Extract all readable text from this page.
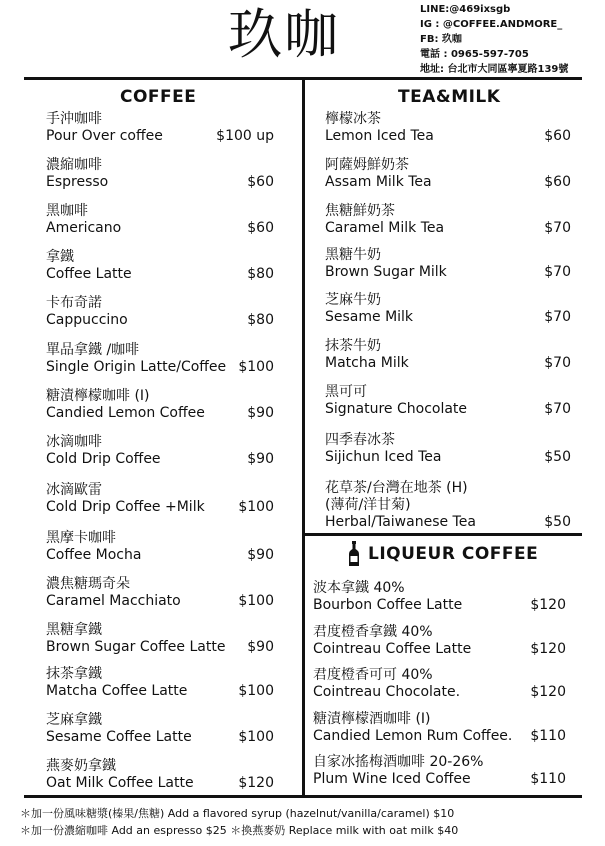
玖咖	LINE:@469ixsgb
IG : @COFFEE.ANDMORE_
FB: 玖咖
電話 : 0965-597-705
地址: 台北市大同區寧夏路139號
COFFEE	TEA&MILK
LIQUEUR COFFEE
手沖咖啡
Pour Over coffee	$100 up
濃縮咖啡
Espresso	$60
黑咖啡
Americano	$60
拿鐵
Coffee Latte	$80
卡布奇諾
Cappuccino	$80
單品拿鐵 /咖啡
Single Origin Latte/Coffee $100
糖漬檸檬咖啡 (I)
Candied Lemon Coffee	$90
冰滴咖啡
Cold Drip Coffee	$90
冰滴歐雷
Cold Drip Coffee +Milk $100
黑摩卡咖啡
Coffee Mocha	$90
濃焦糖瑪奇朵
Caramel Macchiato	$100
黑糖拿鐵
Brown Sugar Coffee Latte $90
抹茶拿鐵
Matcha Coffee Latte	$100
芝麻拿鐵
Sesame Coffee Latte	$100
燕麥奶拿鐵
Oat Milk Coffee Latte	$120
檸檬冰茶
Lemon Iced Tea	$60
阿薩姆鮮奶茶
Assam Milk Tea	$60
焦糖鮮奶茶
Caramel Milk Tea	$70
黑糖牛奶
Brown Sugar Milk	$70
芝麻牛奶
Sesame Milk	$70
抹茶牛奶
Matcha Milk	$70
黑可可
Signature Chocolate	$70
四季春冰茶
Sijichun Iced Tea	$50
花草茶/台灣在地茶 (H)
(薄荷/洋甘菊)
Herbal/Taiwanese Tea	$50
波本拿鐵 40%
Bourbon Coffee Latte	$120
君度橙香拿鐵 40%
Cointreau Coffee Latte	$120
君度橙香可可 40%
Cointreau Chocolate.	$120
糖漬檸檬酒咖啡 (I)
Candied Lemon Rum Coffee. $110
自家冰搖梅酒咖啡 20-26%
Plum Wine Iced Coffee	$110
＊加一份風味糖漿(榛果/焦糖) Add a flavored syrup (hazelnut/vanilla/caramel) $10
＊加一份濃縮咖啡 Add an espresso $25 ＊換燕麥奶 Replace milk with oat milk $40
